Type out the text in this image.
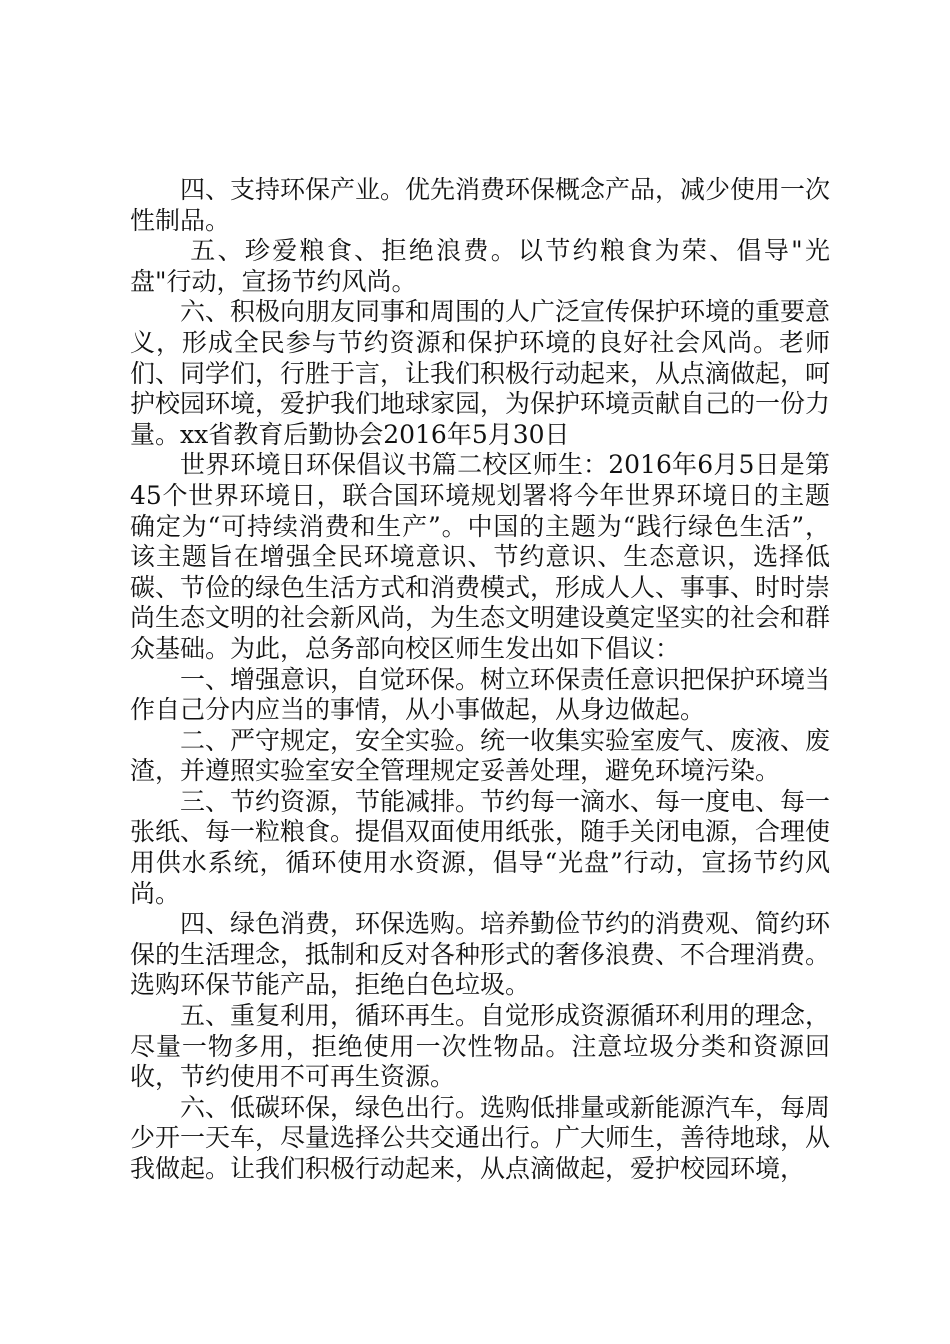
四、支持环保产业。优先消费环保概念产品，减少使用一次性制品。

五、珍爱粮食、拒绝浪费。以节约粮食为荣、倡导"光盘"行动，宣扬节约风尚。

六、积极向朋友同事和周围的人广泛宣传保护环境的重要意义，形成全民参与节约资源和保护环境的良好社会风尚。老师们、同学们，行胜于言，让我们积极行动起来，从点滴做起，呵护校园环境，爱护我们地球家园，为保护环境贡献自己的一份力量。xx省教育后勤协会2016年5月30日

世界环境日环保倡议书篇二校区师生：2016年6月5日是第45个世界环境日，联合国环境规划署将今年世界环境日的主题确定为“可持续消费和生产”。中国的主题为“践行绿色生活”，该主题旨在增强全民环境意识、节约意识、生态意识，选择低碳、节俭的绿色生活方式和消费模式，形成人人、事事、时时崇尚生态文明的社会新风尚，为生态文明建设奠定坚实的社会和群众基础。为此，总务部向校区师生发出如下倡议：

一、增强意识，自觉环保。树立环保责任意识把保护环境当作自己分内应当的事情，从小事做起，从身边做起。

二、严守规定，安全实验。统一收集实验室废气、废液、废渣，并遵照实验室安全管理规定妥善处理，避免环境污染。

三、节约资源，节能减排。节约每一滴水、每一度电、每一张纸、每一粒粮食。提倡双面使用纸张，随手关闭电源，合理使用供水系统，循环使用水资源，倡导“光盘”行动，宣扬节约风尚。

四、绿色消费，环保选购。培养勤俭节约的消费观、简约环保的生活理念，抵制和反对各种形式的奢侈浪费、不合理消费。选购环保节能产品，拒绝白色垃圾。

五、重复利用，循环再生。自觉形成资源循环利用的理念，尽量一物多用，拒绝使用一次性物品。注意垃圾分类和资源回收，节约使用不可再生资源。

六、低碳环保，绿色出行。选购低排量或新能源汽车，每周少开一天车，尽量选择公共交通出行。广大师生，善待地球，从我做起。让我们积极行动起来，从点滴做起，爱护校园环境，
